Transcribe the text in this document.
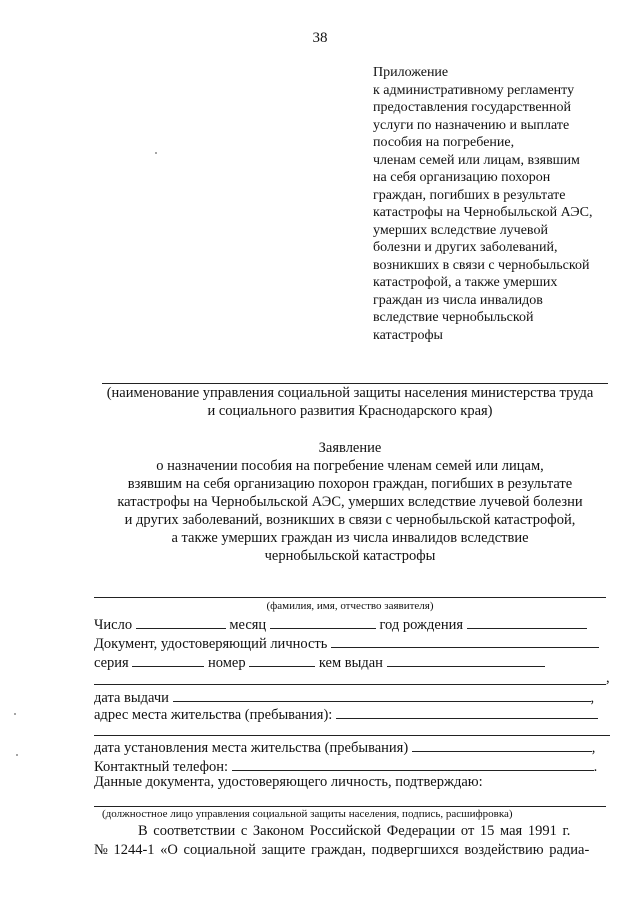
38
Приложение
к административному регламенту
предоставления государственной
услуги по назначению и выплате
пособия на погребение,
членам семей или лицам, взявшим
на себя организацию похорон
граждан, погибших в результате
катастрофы на Чернобыльской АЭС,
умерших вследствие лучевой
болезни и других заболеваний,
возникших в связи с чернобыльской
катастрофой, а также умерших
граждан из числа инвалидов
вследствие чернобыльской
катастрофы
(наименование управления социальной защиты населения министерства труда
и социального развития Краснодарского края)
Заявление
о назначении пособия на погребение членам семей или лицам,
взявшим на себя организацию похорон граждан, погибших в результате
катастрофы на Чернобыльской АЭС, умерших вследствие лучевой болезни
и других заболеваний, возникших в связи с чернобыльской катастрофой,
а также умерших граждан из числа инвалидов вследствие
чернобыльской катастрофы
(фамилия, имя, отчество заявителя)
Число	месяц	год рождения
Документ, удостоверяющий личность
серия	номер	кем выдан
,
дата выдачи	,
адрес места жительства (пребывания):
дата установления места жительства (пребывания)	,
Контактный телефон:	.
Данные документа, удостоверяющего личность, подтверждаю:
(должностное лицо управления социальной защиты населения, подпись, расшифровка)
В соответствии с Законом Российской Федерации от 15 мая 1991 г.
№ 1244-1 «О социальной защите граждан, подвергшихся воздействию радиа-
